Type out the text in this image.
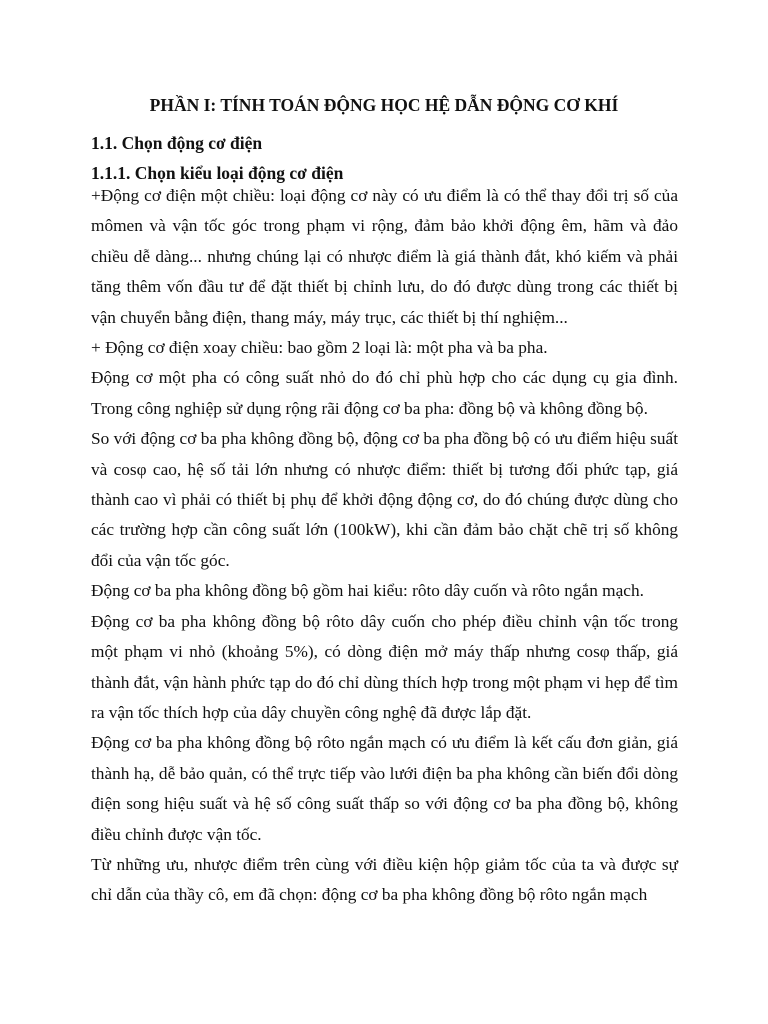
PHẦN I: TÍNH TOÁN ĐỘNG HỌC HỆ DẪN ĐỘNG CƠ KHÍ
1.1. Chọn động cơ điện
1.1.1. Chọn kiểu loại động cơ điện

+Động cơ điện một chiều: loại động cơ này có ưu điểm là có thể thay đổi trị số của mômen và vận tốc góc trong phạm vi rộng, đảm bảo khởi động êm, hãm và đảo chiều dễ dàng... nhưng chúng lại có nhược điểm là giá thành đắt, khó kiếm và phải tăng thêm vốn đầu tư để đặt thiết bị chỉnh lưu, do đó được dùng trong các thiết bị vận chuyển bằng điện, thang máy, máy trục, các thiết bị thí nghiệm...

+ Động cơ điện xoay chiều: bao gồm 2 loại là: một pha và ba pha.

Động cơ một pha có công suất nhỏ do đó chỉ phù hợp cho các dụng cụ gia đình. Trong công nghiệp sử dụng rộng rãi động cơ ba pha: đồng bộ và không đồng bộ.

So với động cơ ba pha không đồng bộ, động cơ ba pha đồng bộ có ưu điểm hiệu suất và cosφ cao, hệ số tải lớn nhưng có nhược điểm: thiết bị tương đối phức tạp, giá thành cao vì phải có thiết bị phụ để khởi động động cơ, do đó chúng được dùng cho các trường hợp cần công suất lớn (100kW), khi cần đảm bảo chặt chẽ trị số không đổi của vận tốc góc.

Động cơ ba pha không đồng bộ gồm hai kiểu: rôto dây cuốn và rôto ngắn mạch.

Động cơ ba pha không đồng bộ rôto dây cuốn cho phép điều chỉnh vận tốc trong một phạm vi nhỏ (khoảng 5%), có dòng điện mở máy thấp nhưng cosφ thấp, giá thành đắt, vận hành phức tạp do đó chỉ dùng thích hợp trong một phạm vi hẹp để tìm ra vận tốc thích hợp của dây chuyền công nghệ đã được lắp đặt.

Động cơ ba pha không đồng bộ rôto ngắn mạch có ưu điểm là kết cấu đơn giản, giá thành hạ, dễ bảo quản, có thể trực tiếp vào lưới điện ba pha không cần biến đổi dòng điện song hiệu suất và hệ số công suất thấp so với động cơ ba pha đồng bộ, không điều chỉnh được vận tốc.

Từ những ưu, nhược điểm trên cùng với điều kiện hộp giảm tốc của ta và được sự chỉ dẫn của thầy cô, em đã chọn: động cơ ba pha không đồng bộ rôto ngắn mạch
